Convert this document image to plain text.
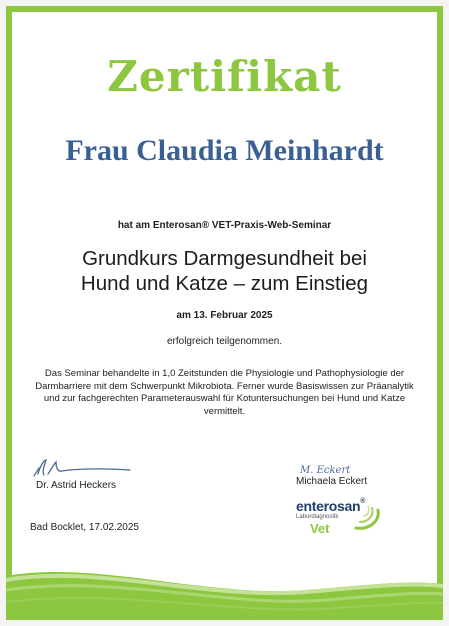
Zertifikat
Frau Claudia Meinhardt
hat am Enterosan® VET-Praxis-Web-Seminar
Grundkurs Darmgesundheit bei
Hund und Katze – zum Einstieg
am 13. Februar 2025
erfolgreich teilgenommen.
Das Seminar behandelte in 1,0 Zeitstunden die Physiologie und Pathophysiologie der
Darmbarriere mit dem Schwerpunkt Mikrobiota. Ferner wurde Basiswissen zur Präanalytik
und zur fachgerechten Parameterauswahl für Kotuntersuchungen bei Hund und Katze
vermittelt.
Dr. Astrid Heckers
M. Eckert
Michaela Eckert
enterosan®
Labordiagnostik
Vet
Bad Bocklet, 17.02.2025
